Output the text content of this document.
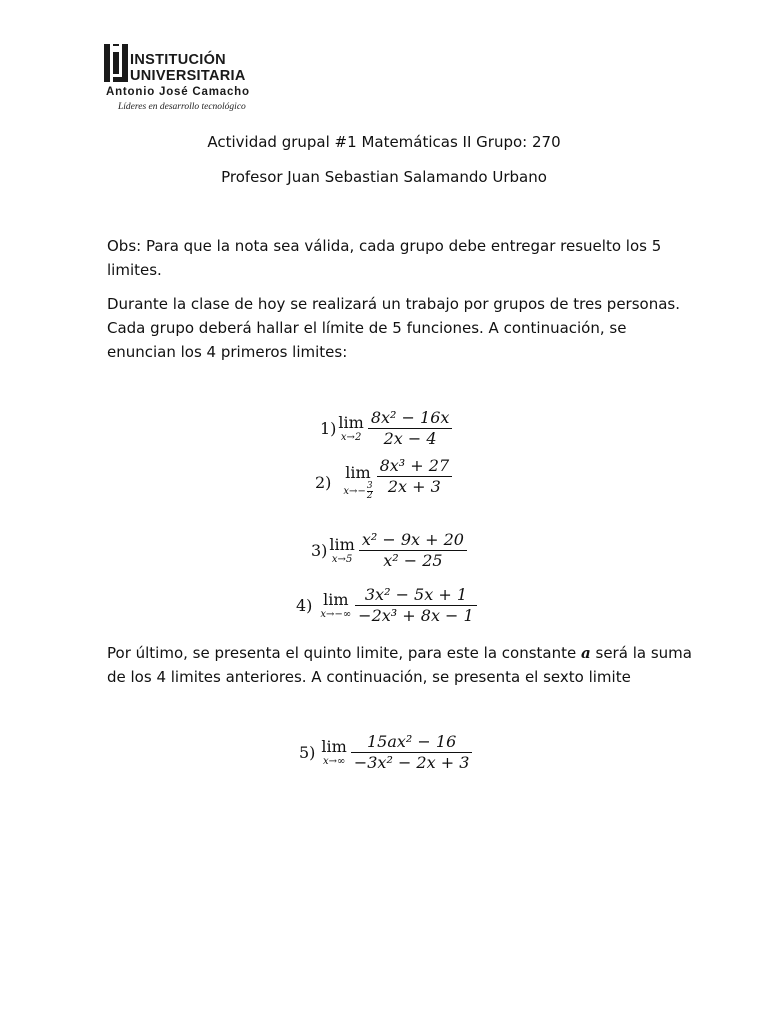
INSTITUCIÓN
UNIVERSITARIA
Antonio José Camacho
Líderes en desarrollo tecnológico
Actividad grupal #1 Matemáticas II Grupo: 270
Profesor Juan Sebastian Salamando Urbano

Obs: Para que la nota sea válida, cada grupo debe entregar resuelto los 5

limites.

Durante la clase de hoy se realizará un trabajo por grupos de tres personas.

Cada grupo deberá hallar el límite de 5 funciones. A continuación, se

enuncian los 4 primeros limites:

1) lim
$x\to 2 \frac{\text{8x² − 16x}}{2x - 4}$
2)
lim
x→− 3
$2 \frac{\text{8x³ + 27}}{2x + 3}$
3) lim
$x\to 5 \frac{\text{x² − 9x + 20}}{\text{x² − 25}}$
4) lim
$x\to-\infty \frac{\text{3x² − 5x + 1}}{\text{−2x³ + 8x − 1}}$

Por último, se presenta el quinto limite, para este la constante a será la suma

de los 4 limites anteriores. A continuación, se presenta el sexto limite

5) lim
$x\to\infty \frac{\text{15ax² − 16}}{\text{−3x² − 2x + 3}}$
